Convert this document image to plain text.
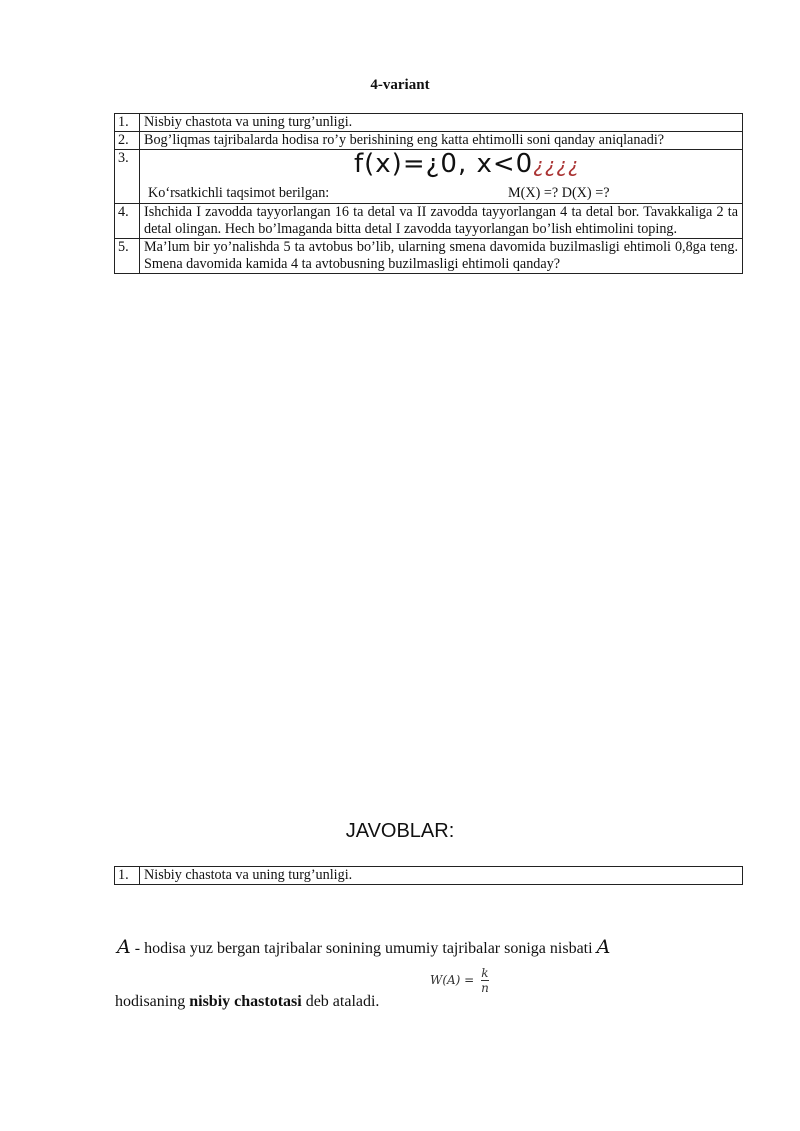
4-variant
1.	Nisbiy chastota va uning turg’unligi.
2.	Bog’liqmas tajribalarda hodisa ro’y berishining eng katta ehtimolli soni qanday aniqlanadi?
3.	Ko‘rsatkichli taqsimot berilgan:
f(x)=¿0, x<0¿¿¿¿
M(X) =? D(X) =?

4.	Ishchida I zavodda tayyorlangan 16 ta detal va II zavodda tayyorlangan 4 ta detal bor. Tavakkaliga 2 ta detal olingan. Hech bo’lmaganda bitta detal I zavodda tayyorlangan bo’lish ehtimolini toping.
5.	Ma’lum bir yo’nalishda 5 ta avtobus bo’lib, ularning smena davomida buzilmasligi ehtimoli 0,8ga teng. Smena davomida kamida 4 ta avtobusning buzilmasligi ehtimoli qanday?
JAVOBLAR:
1.	Nisbiy chastota va uning turg’unligi.
A - hodisa yuz bergan tajribalar sonining umumiy tajribalar soniga nisbati A
hodisaning nisbiy chastotasi deb ataladi.
$W(A) = \frac{k}{n}$
